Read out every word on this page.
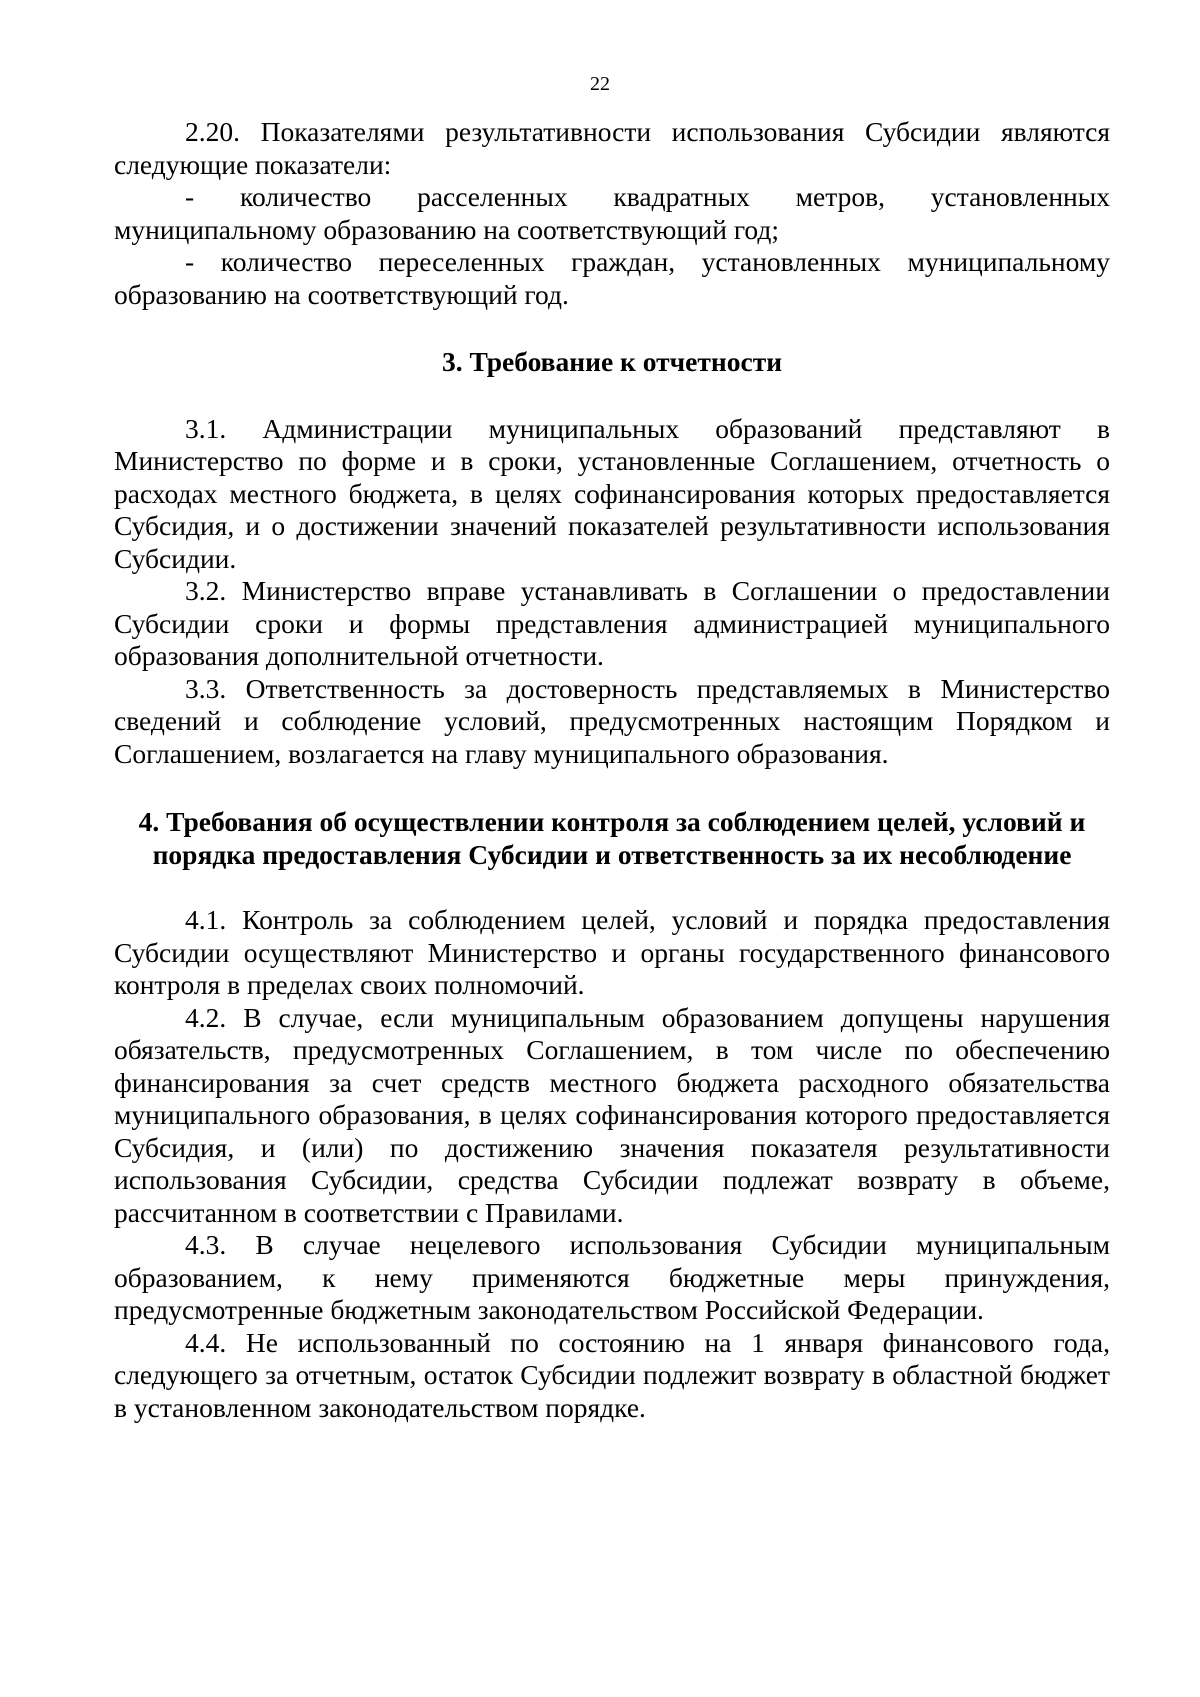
22

2.20. Показателями результативности использования Субсидии являются следующие показатели:

- количество расселенных квадратных метров, установленных муниципальному образованию на соответствующий год;

- количество переселенных граждан, установленных муниципальному образованию на соответствующий год.

3. Требование к отчетности

3.1. Администрации муниципальных образований представляют в Министерство по форме и в сроки, установленные Соглашением, отчетность о расходах местного бюджета, в целях софинансирования которых предоставляется Субсидия, и о достижении значений показателей результативности использования Субсидии.

3.2. Министерство вправе устанавливать в Соглашении о предоставлении Субсидии сроки и формы представления администрацией муниципального образования дополнительной отчетности.

3.3. Ответственность за достоверность представляемых в Министерство сведений и соблюдение условий, предусмотренных настоящим Порядком и Соглашением, возлагается на главу муниципального образования.

4. Требования об осуществлении контроля за соблюдением целей, условий и порядка предоставления Субсидии и ответственность за их несоблюдение

4.1. Контроль за соблюдением целей, условий и порядка предоставления Субсидии осуществляют Министерство и органы государственного финансового контроля в пределах своих полномочий.

4.2. В случае, если муниципальным образованием допущены нарушения обязательств, предусмотренных Соглашением, в том числе по обеспечению финансирования за счет средств местного бюджета расходного обязательства муниципального образования, в целях софинансирования которого предоставляется Субсидия, и (или) по достижению значения показателя результативности использования Субсидии, средства Субсидии подлежат возврату в объеме, рассчитанном в соответствии с Правилами.

4.3. В случае нецелевого использования Субсидии муниципальным образованием, к нему применяются бюджетные меры принуждения, предусмотренные бюджетным законодательством Российской Федерации.

4.4. Не использованный по состоянию на 1 января финансового года, следующего за отчетным, остаток Субсидии подлежит возврату в областной бюджет в установленном законодательством порядке.
